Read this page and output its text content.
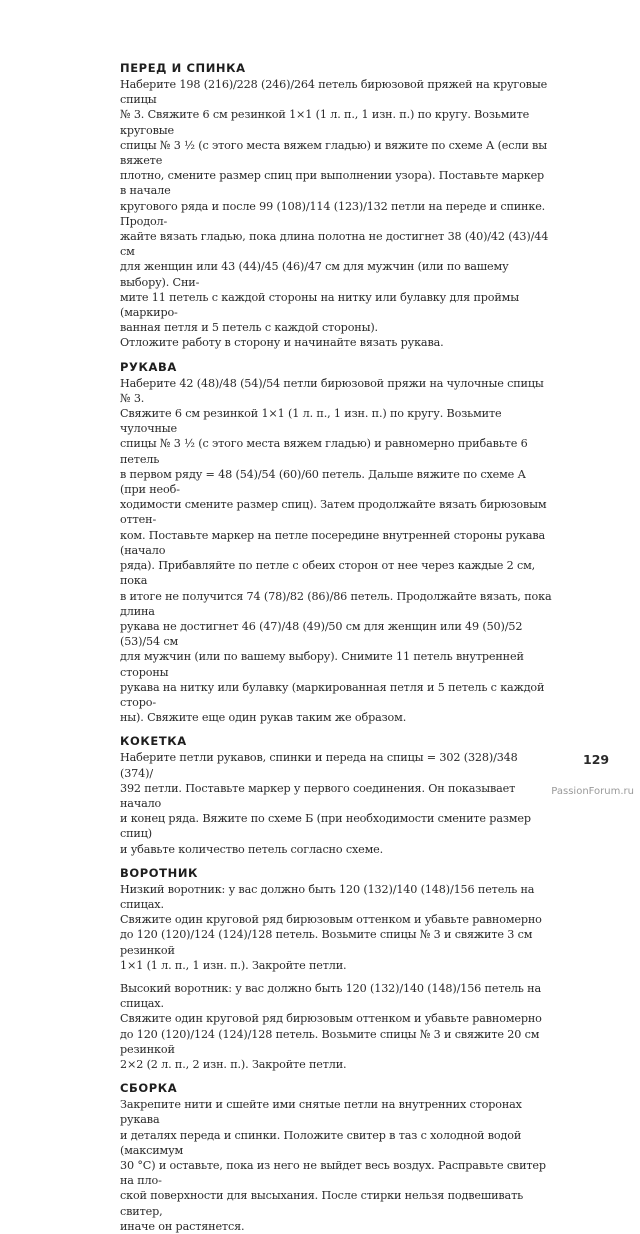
ПЕРЕД И СПИНКА

Наберите 198 (216)/228 (246)/264 петель бирюзовой пряжей на круговые спицы
№ 3. Свяжите 6 см резинкой 1×1 (1 л. п., 1 изн. п.) по кругу. Возьмите круговые
спицы № 3 ½ (с этого места вяжем гладью) и вяжите по схеме А (если вы вяжете
плотно, смените размер спиц при выполнении узора). Поставьте маркер в начале
кругового ряда и после 99 (108)/114 (123)/132 петли на переде и спинке. Продол-
жайте вязать гладью, пока длина полотна не достигнет 38 (40)/42 (43)/44 см
для женщин или 43 (44)/45 (46)/47 см для мужчин (или по вашему выбору). Сни-
мите 11 петель с каждой стороны на нитку или булавку для проймы (маркиро-
ванная петля и 5 петель с каждой стороны).
Отложите работу в сторону и начинайте вязать рукава.

РУКАВА

Наберите 42 (48)/48 (54)/54 петли бирюзовой пряжи на чулочные спицы № 3.
Свяжите 6 см резинкой 1×1 (1 л. п., 1 изн. п.) по кругу. Возьмите чулочные
спицы № 3 ½ (с этого места вяжем гладью) и равномерно прибавьте 6 петель
в первом ряду = 48 (54)/54 (60)/60 петель. Дальше вяжите по схеме А (при необ-
ходимости смените размер спиц). Затем продолжайте вязать бирюзовым оттен-
ком. Поставьте маркер на петле посередине внутренней стороны рукава (начало
ряда). Прибавляйте по петле с обеих сторон от нее через каждые 2 см, пока
в итоге не получится 74 (78)/82 (86)/86 петель. Продолжайте вязать, пока длина
рукава не достигнет 46 (47)/48 (49)/50 см для женщин или 49 (50)/52 (53)/54 см
для мужчин (или по вашему выбору). Снимите 11 петель внутренней стороны
рукава на нитку или булавку (маркированная петля и 5 петель с каждой сторо-
ны). Свяжите еще один рукав таким же образом.

КОКЕТКА

Наберите петли рукавов, спинки и переда на спицы = 302 (328)/348 (374)/
392 петли. Поставьте маркер у первого соединения. Он показывает начало
и конец ряда. Вяжите по схеме Б (при необходимости смените размер спиц)
и убавьте количество петель согласно схеме.

ВОРОТНИК

Низкий воротник: у вас должно быть 120 (132)/140 (148)/156 петель на спицах.
Свяжите один круговой ряд бирюзовым оттенком и убавьте равномерно
до 120 (120)/124 (124)/128 петель. Возьмите спицы № 3 и свяжите 3 см резинкой
1×1 (1 л. п., 1 изн. п.). Закройте петли.

Высокий воротник: у вас должно быть 120 (132)/140 (148)/156 петель на спицах.
Свяжите один круговой ряд бирюзовым оттенком и убавьте равномерно
до 120 (120)/124 (124)/128 петель. Возьмите спицы № 3 и свяжите 20 см резинкой
2×2 (2 л. п., 2 изн. п.). Закройте петли.

СБОРКА

Закрепите нити и сшейте ими снятые петли на внутренних сторонах рукава
и деталях переда и спинки. Положите свитер в таз с холодной водой (максимум
30 °C) и оставьте, пока из него не выйдет весь воздух. Расправьте свитер на пло-
ской поверхности для высыхания. После стирки нельзя подвешивать свитер,
иначе он растянется.

129
PassionForum.ru
